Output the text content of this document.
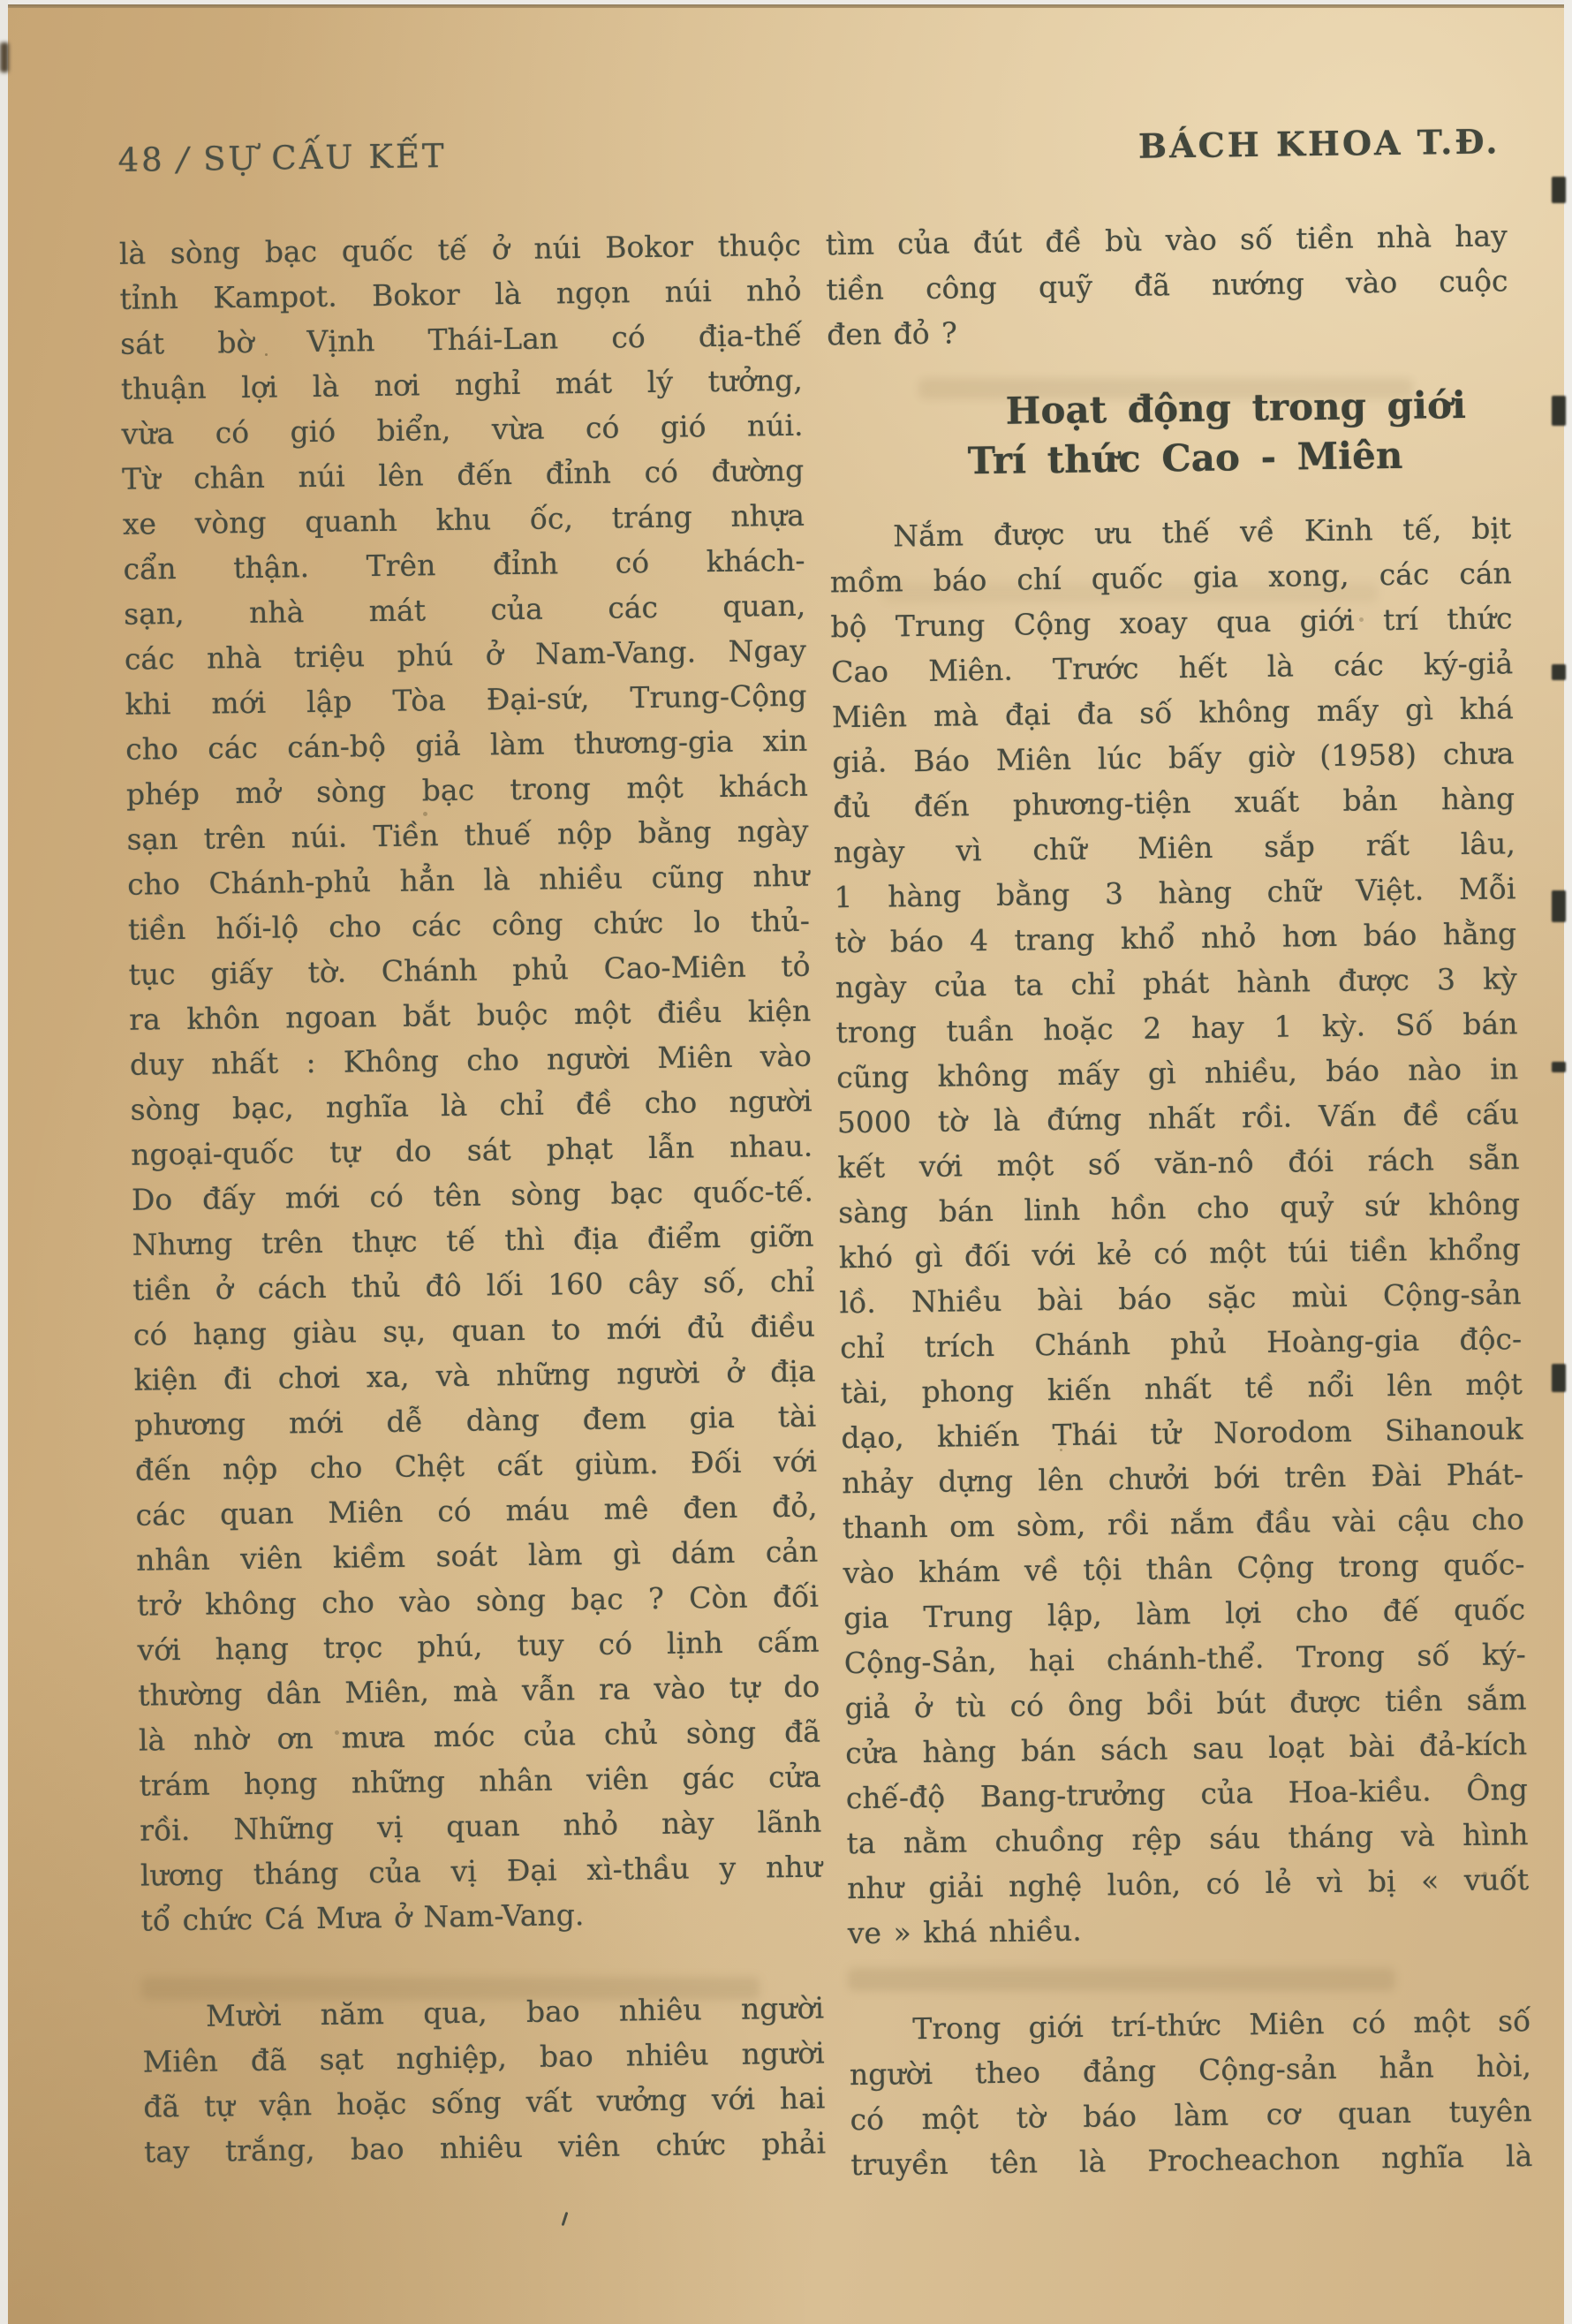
48 / SỰ CẤU KẾT	BÁCH KHOA T.Đ.
là sòng bạc quốc tế ở núi Bokor thuộc
tỉnh Kampot. Bokor là ngọn núi nhỏ
sát bờ Vịnh Thái-Lan có địa-thế
thuận lợi là nơi nghỉ mát lý tưởng,
vừa có gió biển, vừa có gió núi.
Từ chân núi lên đến đỉnh có đường
xe vòng quanh khu ốc, tráng nhựa
cẩn thận. Trên đỉnh có khách-
sạn, nhà mát của các quan,
các nhà triệu phú ở Nam-Vang. Ngay
khi mới lập Tòa Đại-sứ, Trung-Cộng
cho các cán-bộ giả làm thương-gia xin
phép mở sòng bạc trong một khách
sạn trên núi. Tiền thuế nộp bằng ngày
cho Chánh-phủ hẳn là nhiều cũng như
tiền hối-lộ cho các công chức lo thủ-
tục giấy tờ. Chánh phủ Cao-Miên tỏ
ra khôn ngoan bắt buộc một điều kiện
duy nhất : Không cho người Miên vào
sòng bạc, nghĩa là chỉ đề cho người
ngoại-quốc tự do sát phạt lẫn nhau.
Do đấy mới có tên sòng bạc quốc-tế.
Nhưng trên thực tế thì địa điểm giỡn
tiền ở cách thủ đô lối 160 cây số, chỉ
có hạng giàu sụ, quan to mới đủ điều
kiện đi chơi xa, và những người ở địa
phương mới dễ dàng đem gia tài
đến nộp cho Chệt cất giùm. Đối với
các quan Miên có máu mê đen đỏ,
nhân viên kiềm soát làm gì dám cản
trở không cho vào sòng bạc ? Còn đối
với hạng trọc phú, tuy có lịnh cấm
thường dân Miên, mà vẫn ra vào tự do
là nhờ ơn mưa móc của chủ sòng đã
trám họng những nhân viên gác cửa
rồi. Những vị quan nhỏ này lãnh
lương tháng của vị Đại xì-thầu y như
tổ chức Cá Mưa ở Nam-Vang.
Mười năm qua, bao nhiêu người
Miên đã sạt nghiệp, bao nhiêu người
đã tự vận hoặc sống vất vưởng với hai
tay trắng, bao nhiêu viên chức phải
tìm của đút đề bù vào số tiền nhà hay
tiền công quỹ đã nướng vào cuộc
đen đỏ ?
Hoạt động trong giới
Trí thức Cao - Miên
Nắm được ưu thế về Kinh tế, bịt
mồm báo chí quốc gia xong, các cán
bộ Trung Cộng xoay qua giới trí thức
Cao Miên. Trước hết là các ký-giả
Miên mà đại đa số không mấy gì khá
giả. Báo Miên lúc bấy giờ (1958) chưa
đủ đến phương-tiện xuất bản hàng
ngày vì chữ Miên sắp rất lâu,
1 hàng bằng 3 hàng chữ Việt. Mỗi
tờ báo 4 trang khổ nhỏ hơn báo hằng
ngày của ta chỉ phát hành được 3 kỳ
trong tuần hoặc 2 hay 1 kỳ. Số bán
cũng không mấy gì nhiều, báo nào in
5000 tờ là đứng nhất rồi. Vấn đề cấu
kết với một số văn-nô đói rách sẵn
sàng bán linh hồn cho quỷ sứ không
khó gì đối với kẻ có một túi tiền khổng
lồ. Nhiều bài báo sặc mùi Cộng-sản
chỉ trích Chánh phủ Hoàng-gia độc-
tài, phong kiến nhất tề nổi lên một
dạo, khiến Thái tử Norodom Sihanouk
nhảy dựng lên chưởi bới trên Đài Phát-
thanh om sòm, rồi nắm đầu vài cậu cho
vào khám về tội thân Cộng trong quốc-
gia Trung lập, làm lợi cho đế quốc
Cộng-Sản, hại chánh-thể. Trong số ký-
giả ở tù có ông bồi bút được tiền sắm
cửa hàng bán sách sau loạt bài đả-kích
chế-độ Bang-trưởng của Hoa-kiều. Ông
ta nằm chuồng rệp sáu tháng và hình
như giải nghệ luôn, có lẻ vì bị « vuốt
ve » khá nhiều.
Trong giới trí-thức Miên có một số
người theo đảng Cộng-sản hẳn hòi,
có một tờ báo làm cơ quan tuyên
truyền tên là Procheachon nghĩa là
